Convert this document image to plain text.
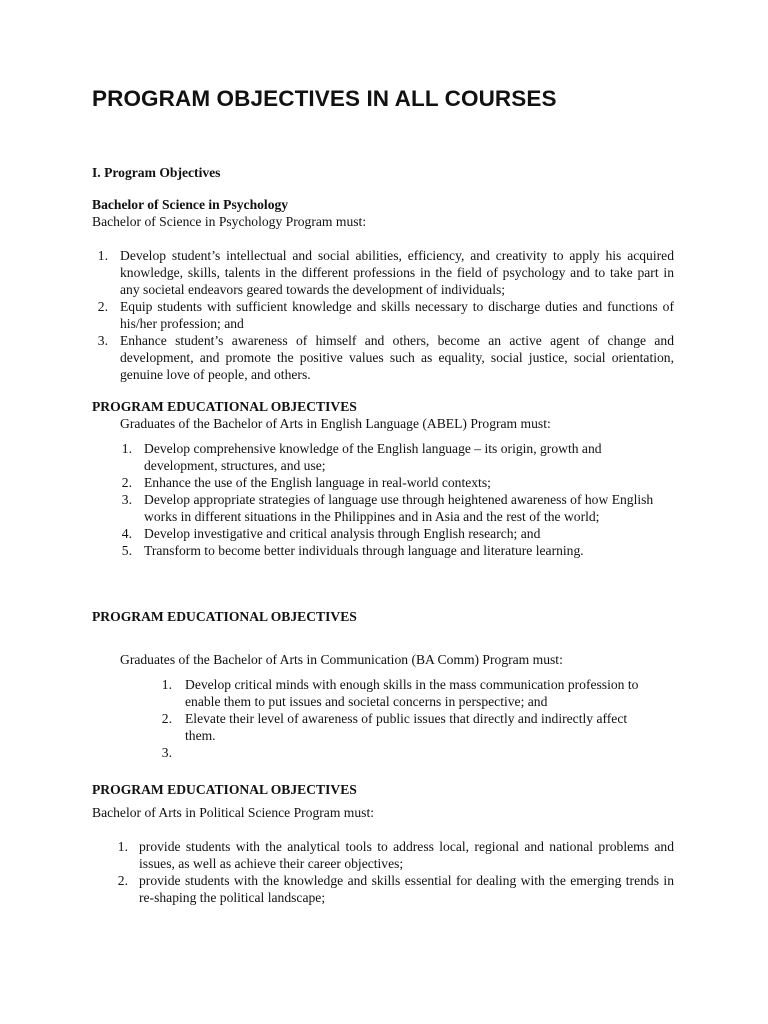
PROGRAM OBJECTIVES IN ALL COURSES
I. Program Objectives
Bachelor of Science in Psychology
Bachelor of Science in Psychology Program must:
1. Develop student’s intellectual and social abilities, efficiency, and creativity to apply his acquired knowledge, skills, talents in the different professions in the field of psychology and to take part in any societal endeavors geared towards the development of individuals;
2. Equip students with sufficient knowledge and skills necessary to discharge duties and functions of his/her profession; and
3. Enhance student’s awareness of himself and others, become an active agent of change and development, and promote the positive values such as equality, social justice, social orientation, genuine love of people, and others.
PROGRAM EDUCATIONAL OBJECTIVES
Graduates of the Bachelor of Arts in English Language (ABEL) Program must:
1. Develop comprehensive knowledge of the English language – its origin, growth and development, structures, and use;
2. Enhance the use of the English language in real-world contexts;
3. Develop appropriate strategies of language use through heightened awareness of how English works in different situations in the Philippines and in Asia and the rest of the world;
4. Develop investigative and critical analysis through English research; and
5. Transform to become better individuals through language and literature learning.
PROGRAM EDUCATIONAL OBJECTIVES
Graduates of the Bachelor of Arts in Communication (BA Comm) Program must:
1. Develop critical minds with enough skills in the mass communication profession to enable them to put issues and societal concerns in perspective; and
2. Elevate their level of awareness of public issues that directly and indirectly affect them.
3.
PROGRAM EDUCATIONAL OBJECTIVES
Bachelor of Arts in Political Science Program must:
1. provide students with the analytical tools to address local, regional and national problems and issues, as well as achieve their career objectives;
2. provide students with the knowledge and skills essential for dealing with the emerging trends in re-shaping the political landscape;
